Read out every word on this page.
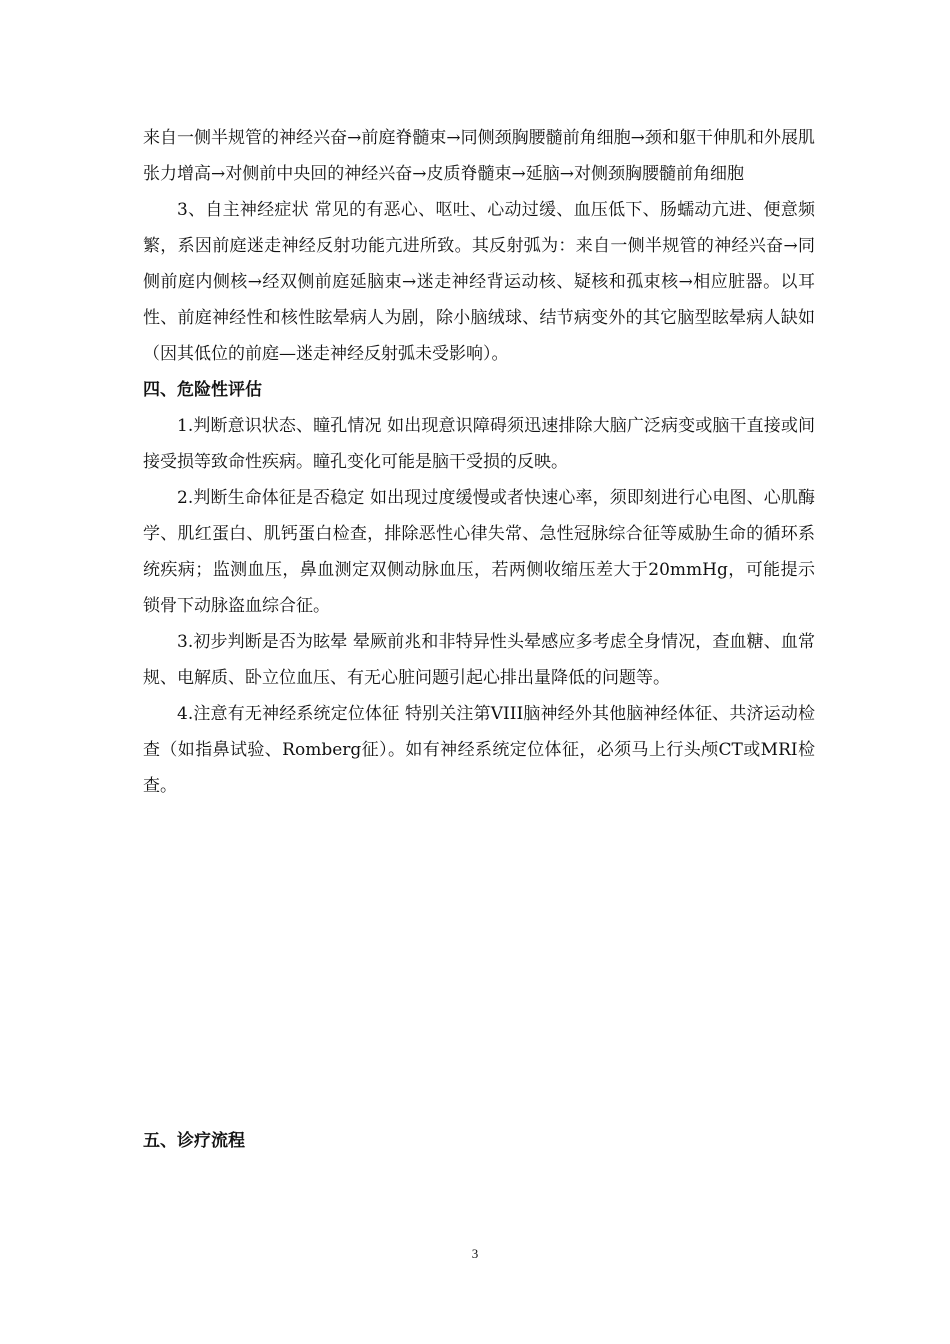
来自一侧半规管的神经兴奋→前庭脊髓束→同侧颈胸腰髓前角细胞→颈和躯干伸肌和外展肌张力增高→对侧前中央回的神经兴奋→皮质脊髓束→延脑→对侧颈胸腰髓前角细胞

3、自主神经症状 常见的有恶心、呕吐、心动过缓、血压低下、肠蠕动亢进、便意频繁，系因前庭迷走神经反射功能亢进所致。其反射弧为：来自一侧半规管的神经兴奋→同侧前庭内侧核→经双侧前庭延脑束→迷走神经背运动核、疑核和孤束核→相应脏器。以耳性、前庭神经性和核性眩晕病人为剧，除小脑绒球、结节病变外的其它脑型眩晕病人缺如（因其低位的前庭—迷走神经反射弧未受影响）。

四、危险性评估

1.判断意识状态、瞳孔情况 如出现意识障碍须迅速排除大脑广泛病变或脑干直接或间接受损等致命性疾病。瞳孔变化可能是脑干受损的反映。

2.判断生命体征是否稳定 如出现过度缓慢或者快速心率，须即刻进行心电图、心肌酶学、肌红蛋白、肌钙蛋白检查，排除恶性心律失常、急性冠脉综合征等威胁生命的循环系统疾病；监测血压，鼻血测定双侧动脉血压，若两侧收缩压差大于20mmHg，可能提示锁骨下动脉盗血综合征。

3.初步判断是否为眩晕 晕厥前兆和非特异性头晕感应多考虑全身情况，查血糖、血常规、电解质、卧立位血压、有无心脏问题引起心排出量降低的问题等。

4.注意有无神经系统定位体征 特别关注第VIII脑神经外其他脑神经体征、共济运动检查（如指鼻试验、Romberg征）。如有神经系统定位体征，必须马上行头颅CT或MRI检查。

五、诊疗流程

3
